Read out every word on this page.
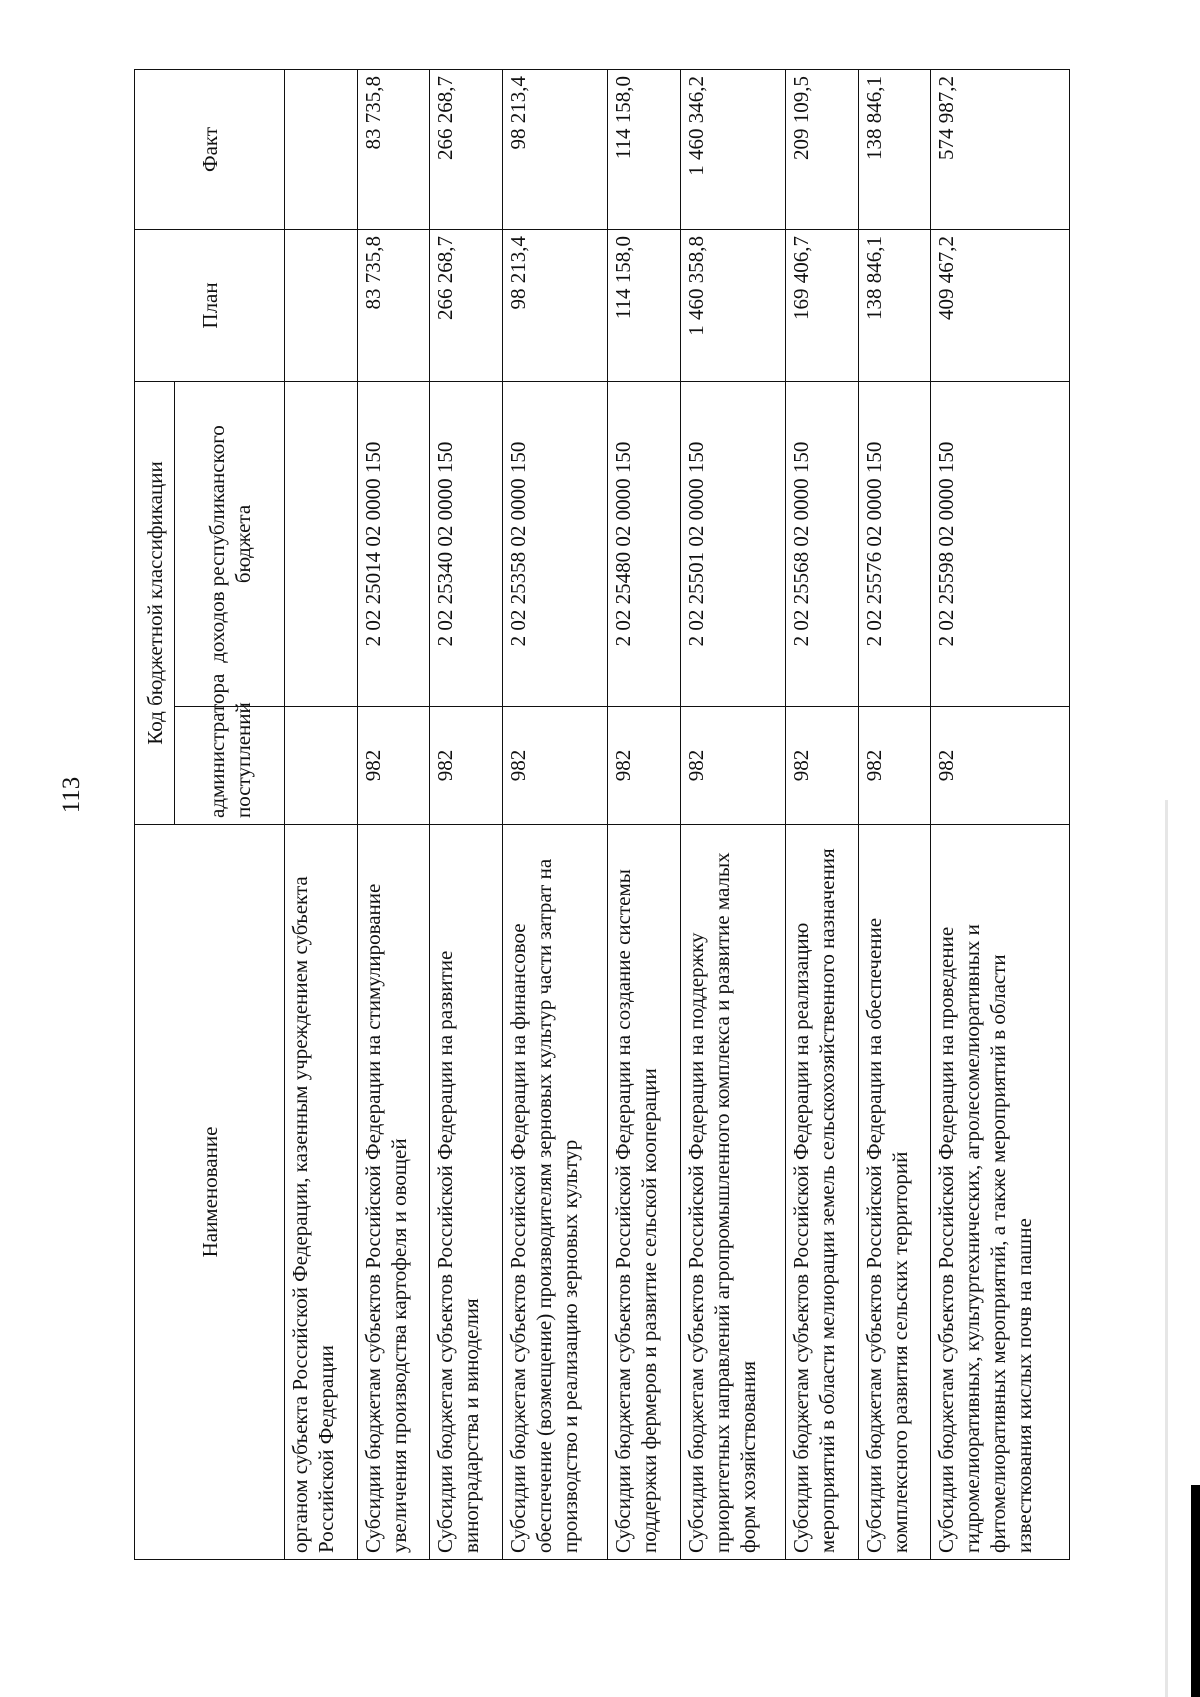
113
Наименование	Код бюджетной классификации		План	Факт
	администратора поступлений	доходов республиканского бюджета		
органом субъекта Российской Федерации, казенным учреждением субъекта Российской Федерации				
Субсидии бюджетам субъектов Российской Федерации на стимулирование увеличения производства картофеля и овощей	982	2 02 25014 02 0000 150	83 735,8	83 735,8
Субсидии бюджетам субъектов Российской Федерации на развитие виноградарства и виноделия	982	2 02 25340 02 0000 150	266 268,7	266 268,7
Субсидии бюджетам субъектов Российской Федерации на финансовое обеспечение (возмещение) производителям зерновых культур части затрат на производство и реализацию зерновых культур	982	2 02 25358 02 0000 150	98 213,4	98 213,4
Субсидии бюджетам субъектов Российской Федерации на создание системы поддержки фермеров и развитие сельской кооперации	982	2 02 25480 02 0000 150	114 158,0	114 158,0
Субсидии бюджетам субъектов Российской Федерации на поддержку приоритетных направлений агропромышленного комплекса и развитие малых форм хозяйствования	982	2 02 25501 02 0000 150	1 460 358,8	1 460 346,2
Субсидии бюджетам субъектов Российской Федерации на реализацию мероприятий в области мелиорации земель сельскохозяйственного назначения	982	2 02 25568 02 0000 150	169 406,7	209 109,5
Субсидии бюджетам субъектов Российской Федерации на обеспечение комплексного развития сельских территорий	982	2 02 25576 02 0000 150	138 846,1	138 846,1
Субсидии бюджетам субъектов Российской Федерации на проведение гидромелиоративных, культуртехнических, агролесомелиоративных и фитомелиоративных мероприятий, а также мероприятий в области известкования кислых почв на пашне	982	2 02 25598 02 0000 150	409 467,2	574 987,2
